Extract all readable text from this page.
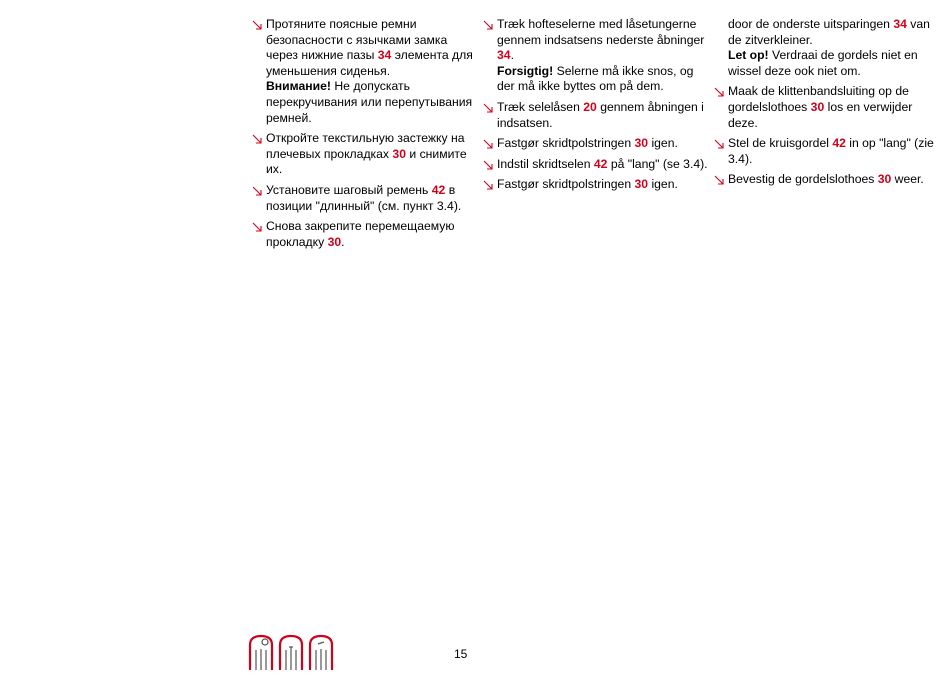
Протяните поясные ремни безопасности с язычками замка через нижние пазы 34 элемента для уменьшения сиденья.
Внимание! Не допускать перекручивания или перепутывания ремней.
Откройте текстильную застежку на плечевых прокладках 30 и снимите их.
Установите шаговый ремень 42 в позиции "длинный" (см. пункт 3.4).
Снова закрепите перемещаемую прокладку 30.
Træk hofteselerne med låsetungerne gennem indsatsens nederste åbninger 34.
Forsigtig! Selerne må ikke snos, og der må ikke byttes om på dem.
Træk selelåsen 20 gennem åbningen i indsatsen.
Fastgør skridtpolstringen 30 igen.
Indstil skridtselen 42 på "lang" (se 3.4).
Fastgør skridtpolstringen 30 igen.
door de onderste uitsparingen 34 van de zitverkleiner.
Let op! Verdraai de gordels niet en wissel deze ook niet om.
Maak de klittenbandsluiting op de gordelslothoes 30 los en verwijder deze.
Stel de kruisgordel 42 in op "lang" (zie 3.4).
Bevestig de gordelslothoes 30 weer.
15
